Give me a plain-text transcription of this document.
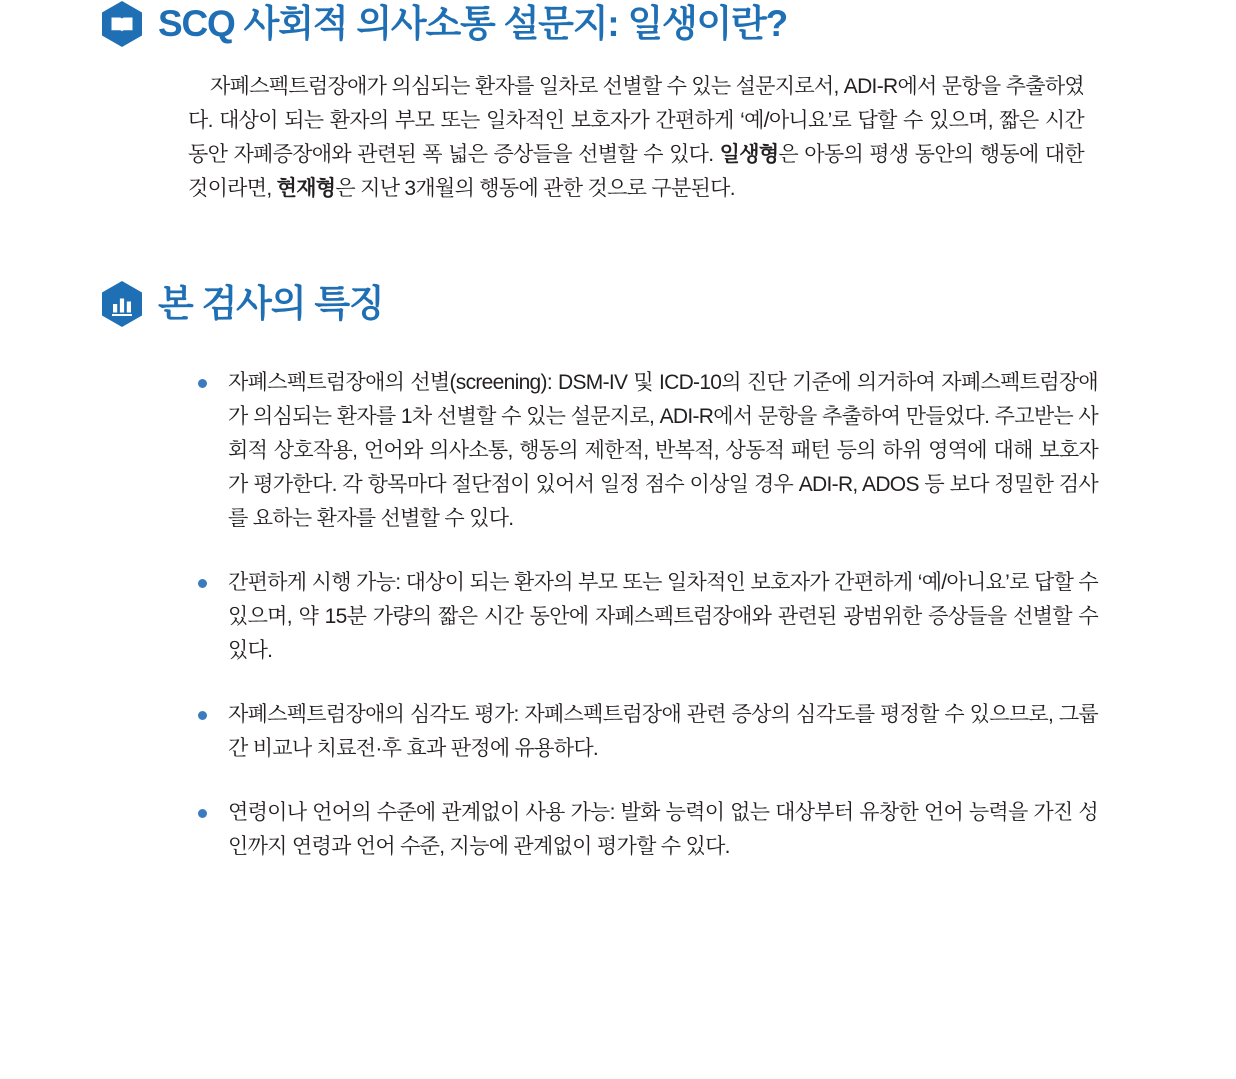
SCQ 사회적 의사소통 설문지: 일생이란?

자폐스펙트럼장애가 의심되는 환자를 일차로 선별할 수 있는 설문지로서, ADI-R에서 문항을 추출하였다. 대상이 되는 환자의 부모 또는 일차적인 보호자가 간편하게 ‘예/아니요’로 답할 수 있으며, 짧은 시간동안 자폐증장애와 관련된 폭 넓은 증상들을 선별할 수 있다. 일생형은 아동의 평생 동안의 행동에 대한 것이라면, 현재형은 지난 3개월의 행동에 관한 것으로 구분된다.

본 검사의 특징
자폐스펙트럼장애의 선별(screening): DSM-IV 및 ICD-10의 진단 기준에 의거하여 자폐스펙트럼장애가 의심되는 환자를 1차 선별할 수 있는 설문지로, ADI-R에서 문항을 추출하여 만들었다. 주고받는 사회적 상호작용, 언어와 의사소통, 행동의 제한적, 반복적, 상동적 패턴 등의 하위 영역에 대해 보호자가 평가한다. 각 항목마다 절단점이 있어서 일정 점수 이상일 경우 ADI-R, ADOS 등 보다 정밀한 검사를 요하는 환자를 선별할 수 있다.
간편하게 시행 가능: 대상이 되는 환자의 부모 또는 일차적인 보호자가 간편하게 ‘예/아니요’로 답할 수 있으며, 약 15분 가량의 짧은 시간 동안에 자폐스펙트럼장애와 관련된 광범위한 증상들을 선별할 수 있다.
자폐스펙트럼장애의 심각도 평가: 자폐스펙트럼장애 관련 증상의 심각도를 평정할 수 있으므로, 그룹 간 비교나 치료전·후 효과 판정에 유용하다.
연령이나 언어의 수준에 관계없이 사용 가능: 발화 능력이 없는 대상부터 유창한 언어 능력을 가진 성인까지 연령과 언어 수준, 지능에 관계없이 평가할 수 있다.
